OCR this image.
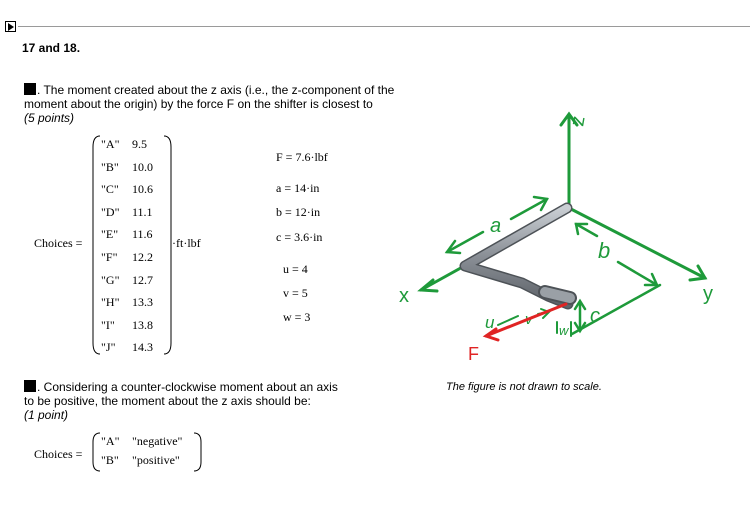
17 and 18.
. The moment created about the z axis (i.e., the z-component of the
moment about the origin) by the force F on the shifter is closest to
(5 points)
Choices =
"A" 9.5
"B" 10.0
"C" 10.6
"D" 11.1
"E" 11.6
"F" 12.2
"G" 12.7
"H" 13.3
"I" 13.8
"J" 14.3
·ft·lbf
F = 7.6·lbf
a = 14·in
b = 12·in
c = 3.6·in
u = 4
v = 5
w = 3
. Considering a counter-clockwise moment about an axis
to be positive, the moment about the z axis should be:
(1 point)
Choices =
"A" "negative"
"B" "positive"
z
x	y
a
b
c
u v
w
F
The figure is not drawn to scale.
